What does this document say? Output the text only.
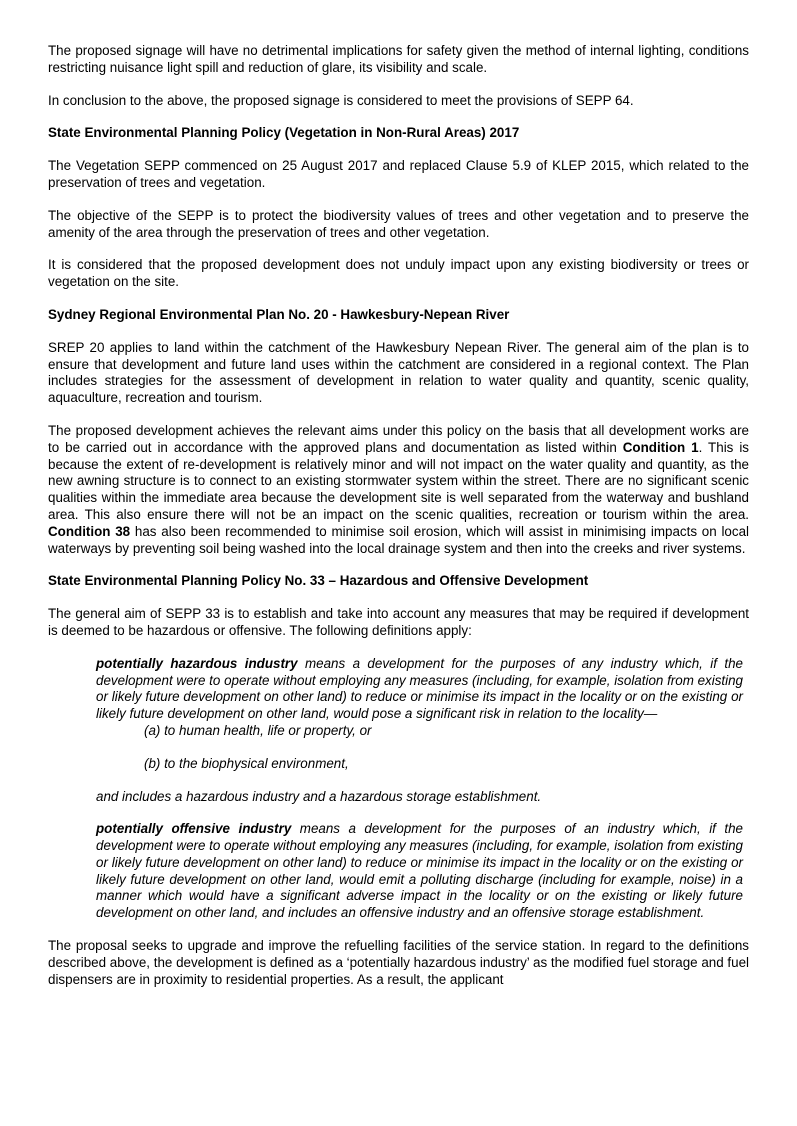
The proposed signage will have no detrimental implications for safety given the method of internal lighting, conditions restricting nuisance light spill and reduction of glare, its visibility and scale.

In conclusion to the above, the proposed signage is considered to meet the provisions of SEPP 64.

State Environmental Planning Policy (Vegetation in Non-Rural Areas) 2017

The Vegetation SEPP commenced on 25 August 2017 and replaced Clause 5.9 of KLEP 2015, which related to the preservation of trees and vegetation.

The objective of the SEPP is to protect the biodiversity values of trees and other vegetation and to preserve the amenity of the area through the preservation of trees and other vegetation.

It is considered that the proposed development does not unduly impact upon any existing biodiversity or trees or vegetation on the site.

Sydney Regional Environmental Plan No. 20 - Hawkesbury-Nepean River

SREP 20 applies to land within the catchment of the Hawkesbury Nepean River. The general aim of the plan is to ensure that development and future land uses within the catchment are considered in a regional context. The Plan includes strategies for the assessment of development in relation to water quality and quantity, scenic quality, aquaculture, recreation and tourism.

The proposed development achieves the relevant aims under this policy on the basis that all development works are to be carried out in accordance with the approved plans and documentation as listed within Condition 1. This is because the extent of re-development is relatively minor and will not impact on the water quality and quantity, as the new awning structure is to connect to an existing stormwater system within the street. There are no significant scenic qualities within the immediate area because the development site is well separated from the waterway and bushland area. This also ensure there will not be an impact on the scenic qualities, recreation or tourism within the area. Condition 38 has also been recommended to minimise soil erosion, which will assist in minimising impacts on local waterways by preventing soil being washed into the local drainage system and then into the creeks and river systems.

State Environmental Planning Policy No. 33 – Hazardous and Offensive Development

The general aim of SEPP 33 is to establish and take into account any measures that may be required if development is deemed to be hazardous or offensive. The following definitions apply:

potentially hazardous industry means a development for the purposes of any industry which, if the development were to operate without employing any measures (including, for example, isolation from existing or likely future development on other land) to reduce or minimise its impact in the locality or on the existing or likely future development on other land, would pose a significant risk in relation to the locality—

(a) to human health, life or property, or

(b) to the biophysical environment,

and includes a hazardous industry and a hazardous storage establishment.

potentially offensive industry means a development for the purposes of an industry which, if the development were to operate without employing any measures (including, for example, isolation from existing or likely future development on other land) to reduce or minimise its impact in the locality or on the existing or likely future development on other land, would emit a polluting discharge (including for example, noise) in a manner which would have a significant adverse impact in the locality or on the existing or likely future development on other land, and includes an offensive industry and an offensive storage establishment.

The proposal seeks to upgrade and improve the refuelling facilities of the service station. In regard to the definitions described above, the development is defined as a ‘potentially hazardous industry’ as the modified fuel storage and fuel dispensers are in proximity to residential properties. As a result, the applicant
